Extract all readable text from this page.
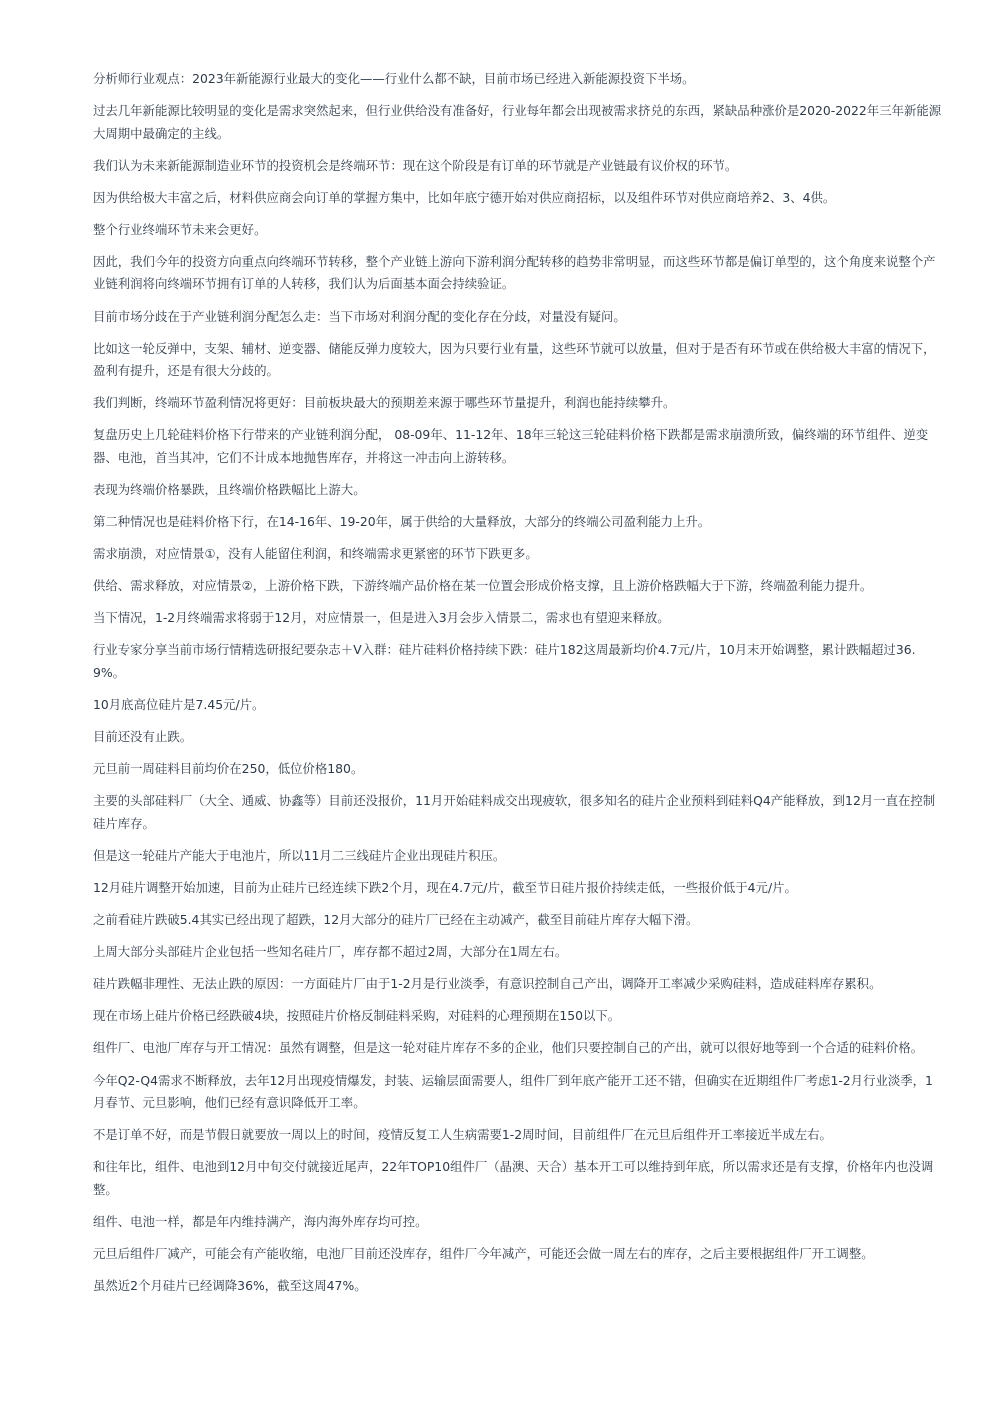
分析师行业观点：2023年新能源行业最大的变化——行业什么都不缺，目前市场已经进入新能源投资下半场。

过去几年新能源比较明显的变化是需求突然起来，但行业供给没有准备好，行业每年都会出现被需求挤兑的东西，紧缺品种涨价是2020-2022年三年新能源大周期中最确定的主线。

我们认为未来新能源制造业环节的投资机会是终端环节：现在这个阶段是有订单的环节就是产业链最有议价权的环节。

因为供给极大丰富之后，材料供应商会向订单的掌握方集中，比如年底宁德开始对供应商招标，以及组件环节对供应商培养2、3、4供。

整个行业终端环节未来会更好。

因此，我们今年的投资方向重点向终端环节转移，整个产业链上游向下游利润分配转移的趋势非常明显，而这些环节都是偏订单型的，这个角度来说整个产业链利润将向终端环节拥有订单的人转移，我们认为后面基本面会持续验证。

目前市场分歧在于产业链利润分配怎么走：当下市场对利润分配的变化存在分歧，对量没有疑问。

比如这一轮反弹中，支架、辅材、逆变器、储能反弹力度较大，因为只要行业有量，这些环节就可以放量，但对于是否有环节或在供给极大丰富的情况下，盈利有提升，还是有很大分歧的。

我们判断，终端环节盈利情况将更好：目前板块最大的预期差来源于哪些环节量提升，利润也能持续攀升。

复盘历史上几轮硅料价格下行带来的产业链利润分配， 08-09年、11-12年、18年三轮这三轮硅料价格下跌都是需求崩溃所致，偏终端的环节组件、逆变器、电池，首当其冲，它们不计成本地抛售库存，并将这一冲击向上游转移。

表现为终端价格暴跌，且终端价格跌幅比上游大。

第二种情况也是硅料价格下行，在14-16年、19-20年，属于供给的大量释放，大部分的终端公司盈利能力上升。

需求崩溃，对应情景①，没有人能留住利润，和终端需求更紧密的环节下跌更多。

供给、需求释放，对应情景②，上游价格下跌，下游终端产品价格在某一位置会形成价格支撑，且上游价格跌幅大于下游，终端盈利能力提升。

当下情况，1-2月终端需求将弱于12月，对应情景一，但是进入3月会步入情景二，需求也有望迎来释放。

行业专家分享当前市场行情精选研报纪要杂志＋V入群：硅片硅料价格持续下跌：硅片182这周最新均价4.7元/片，10月末开始调整，累计跌幅超过36.9%。

10月底高位硅片是7.45元/片。

目前还没有止跌。

元旦前一周硅料目前均价在250，低位价格180。

主要的头部硅料厂（大全、通威、协鑫等）目前还没报价，11月开始硅料成交出现疲软，很多知名的硅片企业预料到硅料Q4产能释放，到12月一直在控制硅片库存。

但是这一轮硅片产能大于电池片，所以11月二三线硅片企业出现硅片积压。

12月硅片调整开始加速，目前为止硅片已经连续下跌2个月，现在4.7元/片，截至节日硅片报价持续走低，一些报价低于4元/片。

之前看硅片跌破5.4其实已经出现了超跌，12月大部分的硅片厂已经在主动减产，截至目前硅片库存大幅下滑。

上周大部分头部硅片企业包括一些知名硅片厂，库存都不超过2周，大部分在1周左右。

硅片跌幅非理性、无法止跌的原因：一方面硅片厂由于1-2月是行业淡季，有意识控制自己产出，调降开工率减少采购硅料，造成硅料库存累积。

现在市场上硅片价格已经跌破4块，按照硅片价格反制硅料采购，对硅料的心理预期在150以下。

组件厂、电池厂库存与开工情况：虽然有调整，但是这一轮对硅片库存不多的企业，他们只要控制自己的产出，就可以很好地等到一个合适的硅料价格。

今年Q2-Q4需求不断释放，去年12月出现疫情爆发，封装、运输层面需要人，组件厂到年底产能开工还不错，但确实在近期组件厂考虑1-2月行业淡季，1月春节、元旦影响，他们已经有意识降低开工率。

不是订单不好，而是节假日就要放一周以上的时间，疫情反复工人生病需要1-2周时间，目前组件厂在元旦后组件开工率接近半成左右。

和往年比，组件、电池到12月中旬交付就接近尾声，22年TOP10组件厂（晶澳、天合）基本开工可以维持到年底，所以需求还是有支撑，价格年内也没调整。

组件、电池一样，都是年内维持满产，海内海外库存均可控。

元旦后组件厂减产，可能会有产能收缩，电池厂目前还没库存，组件厂今年减产，可能还会做一周左右的库存，之后主要根据组件厂开工调整。

虽然近2个月硅片已经调降36%，截至这周47%。
